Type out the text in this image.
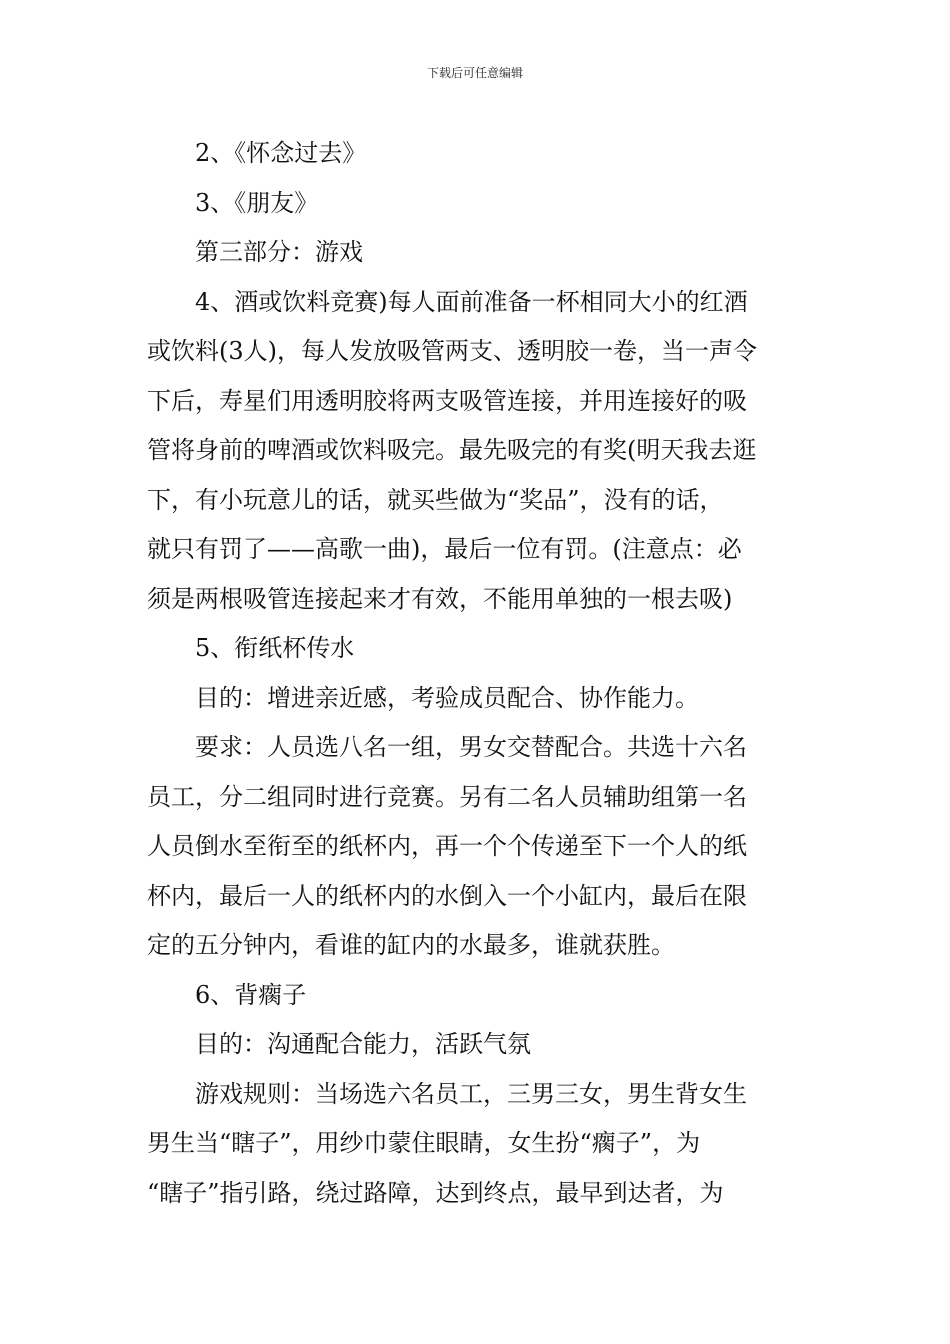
下载后可任意编辑
2、《怀念过去》
3、《朋友》
第三部分：游戏
4、酒或饮料竞赛)每人面前准备一杯相同大小的红酒
或饮料(3人)，每人发放吸管两支、透明胶一卷，当一声令
下后，寿星们用透明胶将两支吸管连接，并用连接好的吸
管将身前的啤酒或饮料吸完。最先吸完的有奖(明天我去逛
下，有小玩意儿的话，就买些做为“奖品”，没有的话，
就只有罚了——高歌一曲)，最后一位有罚。(注意点：必
须是两根吸管连接起来才有效，不能用单独的一根去吸)
5、衔纸杯传水
目的：增进亲近感，考验成员配合、协作能力。
要求：人员选八名一组，男女交替配合。共选十六名
员工，分二组同时进行竞赛。另有二名人员辅助组第一名
人员倒水至衔至的纸杯内，再一个个传递至下一个人的纸
杯内，最后一人的纸杯内的水倒入一个小缸内，最后在限
定的五分钟内，看谁的缸内的水最多，谁就获胜。
6、背瘸子
目的：沟通配合能力，活跃气氛
游戏规则：当场选六名员工，三男三女，男生背女生
男生当“瞎子”，用纱巾蒙住眼睛，女生扮“瘸子”，为
“瞎子”指引路，绕过路障，达到终点，最早到达者，为
